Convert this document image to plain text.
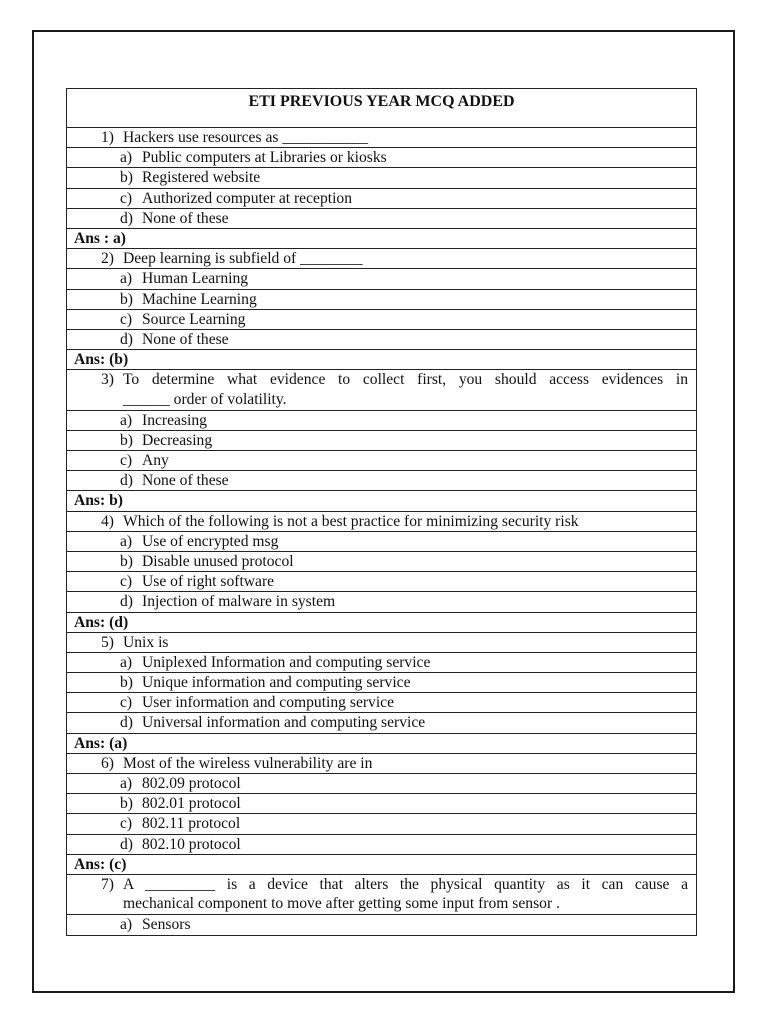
ETI PREVIOUS YEAR MCQ ADDED
1) Hackers use resources as ___________
a) Public computers at Libraries or kiosks
b) Registered website
c) Authorized computer at reception
d) None of these
Ans : a)
2) Deep learning is subfield of ________
a) Human Learning
b) Machine Learning
c) Source Learning
d) None of these
Ans: (b)
3) To determine what evidence to collect first, you should access evidences in
______ order of volatility.
a) Increasing
b) Decreasing
c) Any
d) None of these
Ans: b)
4) Which of the following is not a best practice for minimizing security risk
a) Use of encrypted msg
b) Disable unused protocol
c) Use of right software
d) Injection of malware in system
Ans: (d)
5) Unix is
a) Uniplexed Information and computing service
b) Unique information and computing service
c) User information and computing service
d) Universal information and computing service
Ans: (a)
6) Most of the wireless vulnerability are in
a) 802.09 protocol
b) 802.01 protocol
c) 802.11 protocol
d) 802.10 protocol
Ans: (c)
7) A _________ is a device that alters the physical quantity as it can cause a
mechanical component to move after getting some input from sensor .
a) Sensors
